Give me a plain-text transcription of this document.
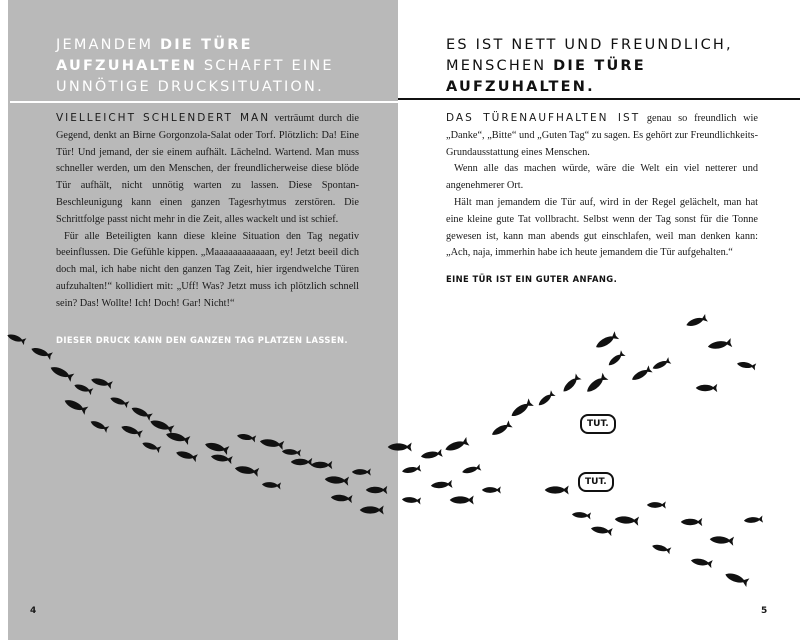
JEMANDEM DIE TÜRE AUFZUHALTEN SCHAFFT EINE UNNÖTIGE DRUCKSITUATION.

VIELLEICHT SCHLENDERT MAN verträumt durch die Gegend, denkt an Birne Gorgonzola-Salat oder Torf. Plötzlich: Da! Eine Tür! Und jemand, der sie einem aufhält. Lächelnd. Wartend. Man muss schneller werden, um den Menschen, der freundlicherweise diese blöde Tür aufhält, nicht unnötig warten zu lassen. Diese Spontan-Beschleunigung kann einen ganzen Tagesrhytmus zerstören. Die Schrittfolge passt nicht mehr in die Zeit, alles wackelt und ist schief.

Für alle Beteiligten kann diese kleine Situation den Tag negativ beeinflussen. Die Gefühle kippen. „Maaaaaaaaaaaan, ey! Jetzt beeil dich doch mal, ich habe nicht den ganzen Tag Zeit, hier irgendwelche Türen aufzuhalten!“ kollidiert mit: „Uff! Was? Jetzt muss ich plötzlich schnell sein? Das! Wollte! Ich! Doch! Gar! Nicht!“

DIESER DRUCK KANN DEN GANZEN TAG PLATZEN LASSEN.
4
ES IST NETT UND FREUNDLICH, MENSCHEN DIE TÜRE AUFZUHALTEN.

DAS TÜRENAUFHALTEN IST genau so freundlich wie „Danke“, „Bitte“ und „Guten Tag“ zu sagen. Es gehört zur Freundlichkeits-Grundausstattung eines Menschen.

Wenn alle das machen würde, wäre die Welt ein viel netterer und angenehmerer Ort.

Hält man jemandem die Tür auf, wird in der Regel gelächelt, man hat eine kleine gute Tat vollbracht. Selbst wenn der Tag sonst für die Tonne gewesen ist, kann man abends gut einschlafen, weil man denken kann: „Ach, naja, immerhin habe ich heute jemandem die Tür aufgehalten.“

EINE TÜR IST EIN GUTER ANFANG.
5
TUT.
TUT.
